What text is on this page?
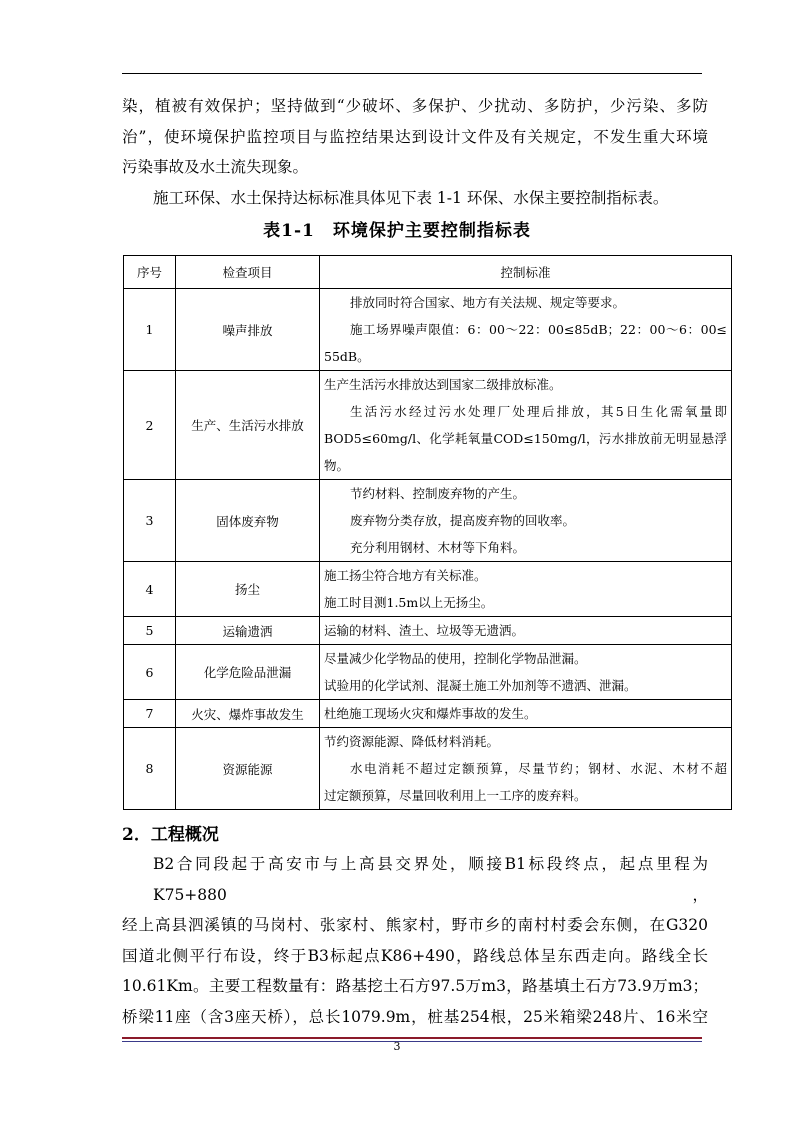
染，植被有效保护；坚持做到“少破坏、多保护、少扰动、多防护，少污染、多防
治”，使环境保护监控项目与监控结果达到设计文件及有关规定，不发生重大环境
污染事故及水土流失现象。
施工环保、水土保持达标标准具体见下表 1-1 环保、水保主要控制指标表。
表1-1　环境保护主要控制指标表
序号	检查项目	控制标准
1	噪声排放	排放同时符合国家、地方有关法规、规定等要求。
施工场界噪声限值：6：00～22：00≤85dB；22：00～6：00≤
55dB。

2	生产、生活污水排放	生产生活污水排放达到国家二级排放标准。
生活污水经过污水处理厂处理后排放，其5日生化需氧量即
BOD5≤60mg/l、化学耗氧量COD≤150mg/l，污水排放前无明显悬浮
物。

3	固体废弃物	节约材料、控制废弃物的产生。
废弃物分类存放，提高废弃物的回收率。
充分利用钢材、木材等下角料。

4	扬尘	施工扬尘符合地方有关标准。
施工时目测1.5m以上无扬尘。

5	运输遗洒	运输的材料、渣土、垃圾等无遗洒。

6	化学危险品泄漏	尽量减少化学物品的使用，控制化学物品泄漏。
试验用的化学试剂、混凝土施工外加剂等不遗洒、泄漏。

7	火灾、爆炸事故发生	杜绝施工现场火灾和爆炸事故的发生。

8	资源能源	节约资源能源、降低材料消耗。
水电消耗不超过定额预算，尽量节约；钢材、水泥、木材不超
过定额预算，尽量回收利用上一工序的废弃料。
2．工程概况
B2合同段起于高安市与上高县交界处，顺接B1标段终点，起点里程为K75+880，
经上高县泗溪镇的马岗村、张家村、熊家村，野市乡的南村村委会东侧，在G320
国道北侧平行布设，终于B3标起点K86+490，路线总体呈东西走向。路线全长
10.61Km。主要工程数量有：路基挖土石方97.5万m3，路基填土石方73.9万m3；
桥梁11座（含3座天桥），总长1079.9m，桩基254根，25米箱梁248片、16米空
3
